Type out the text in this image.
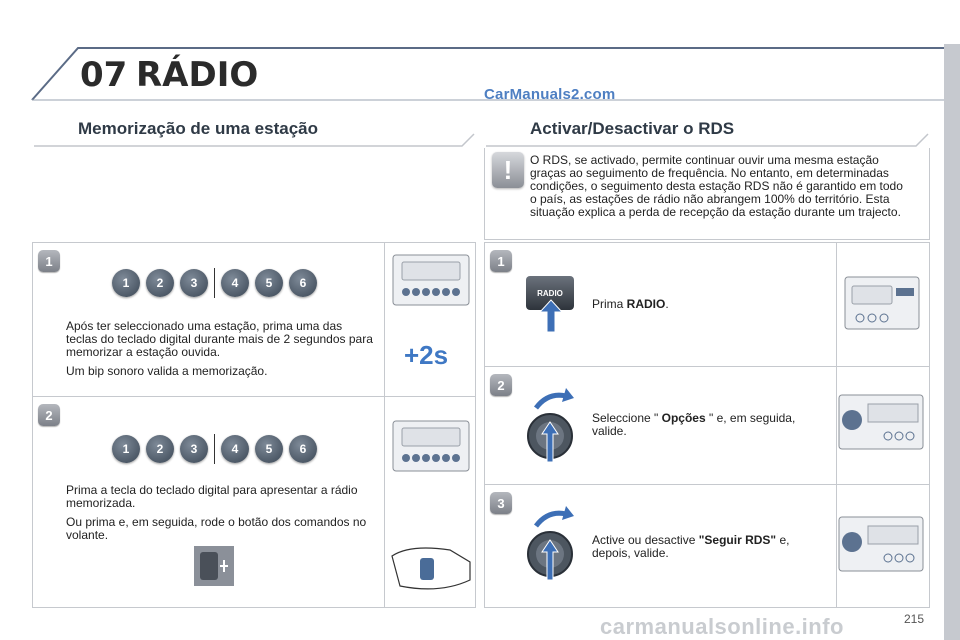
07 RÁDIO	CarManuals2.com
Memorização de uma estação	Activar/Desactivar o RDS
!	O RDS, se activado, permite continuar ouvir uma mesma estação graças ao seguimento de frequência. No entanto, em determinadas condições, o seguimento desta estação RDS não é garantido em todo o país, as estações de rádio não abrangem 100% do território. Esta situação explica a perda de recepção da estação durante um trajecto.
1
1	2	3	4	5	6

Após ter seleccionado uma estação, prima uma das teclas do teclado digital durante mais de 2 segundos para memorizar a estação ouvida.

Um bip sonoro valida a memorização.

+2s
2
1	2	3	4	5	6

Prima a tecla do teclado digital para apresentar a rádio memorizada.

Ou prima e, em seguida, rode o botão dos comandos no volante.

1
RADIO
Prima RADIO.
2
Seleccione " Opções " e, em seguida, valide.
3
Active ou desactive "Seguir RDS" e, depois, valide.
carmanualsonline.info	215
